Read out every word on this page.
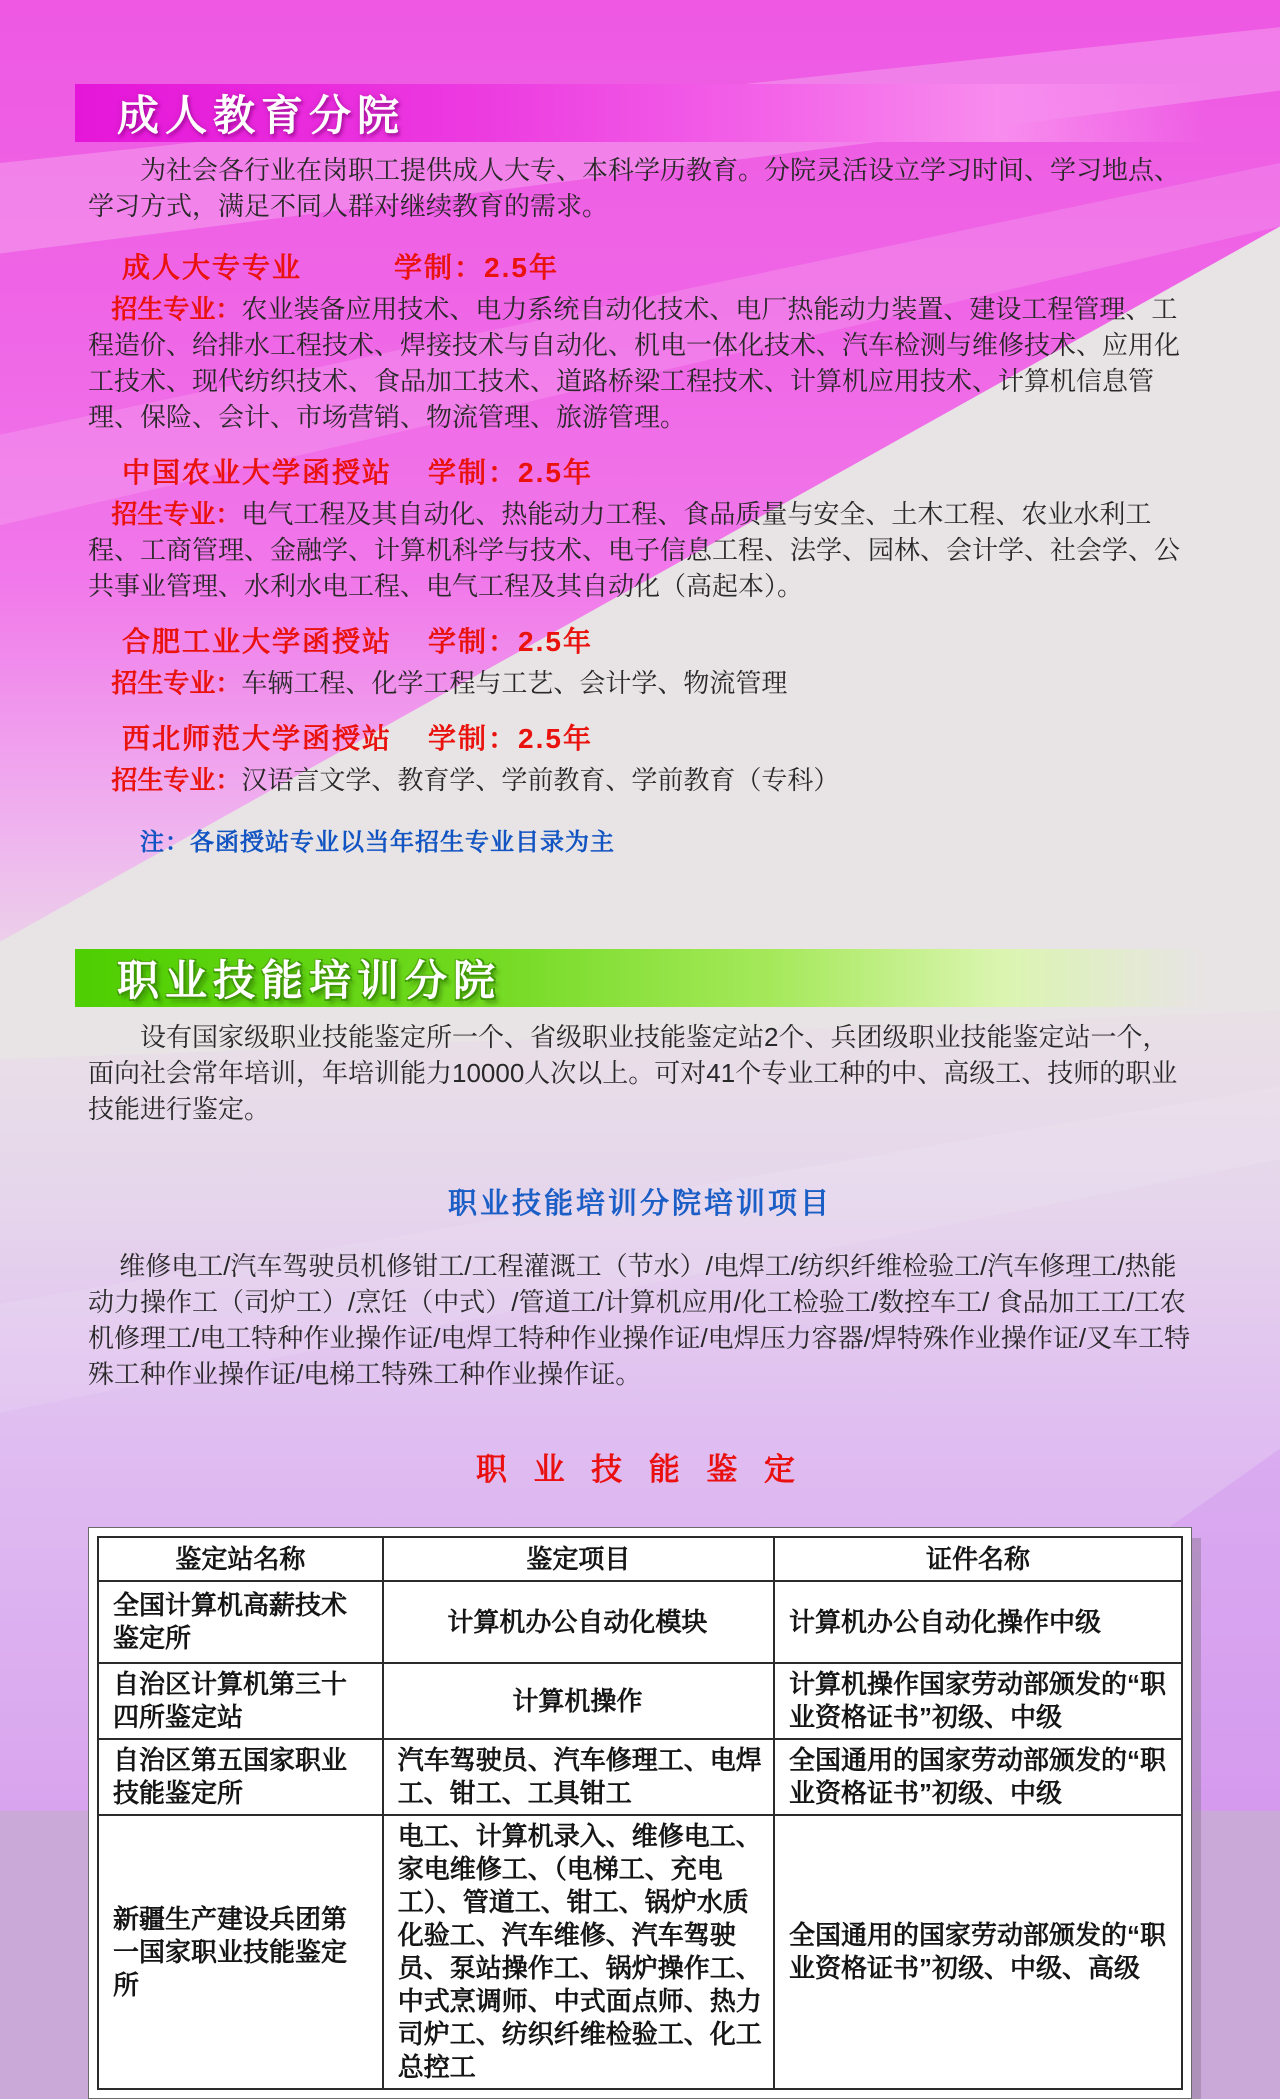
成人教育分院

为社会各行业在岗职工提供成人大专、本科学历教育。分院灵活设立学习时间、学习地点、学习方式，满足不同人群对继续教育的需求。

成人大专专业	学制：2.5年

招生专业：农业装备应用技术、电力系统自动化技术、电厂热能动力装置、建设工程管理、工程造价、给排水工程技术、焊接技术与自动化、机电一体化技术、汽车检测与维修技术、应用化工技术、现代纺织技术、食品加工技术、道路桥梁工程技术、计算机应用技术、计算机信息管理、保险、会计、市场营销、物流管理、旅游管理。

中国农业大学函授站 学制：2.5年

招生专业：电气工程及其自动化、热能动力工程、食品质量与安全、土木工程、农业水利工程、工商管理、金融学、计算机科学与技术、电子信息工程、法学、园林、会计学、社会学、公共事业管理、水利水电工程、电气工程及其自动化（高起本）。

合肥工业大学函授站 学制：2.5年

招生专业：车辆工程、化学工程与工艺、会计学、物流管理

西北师范大学函授站 学制：2.5年

招生专业：汉语言文学、教育学、学前教育、学前教育（专科）

注：各函授站专业以当年招生专业目录为主

职业技能培训分院

设有国家级职业技能鉴定所一个、省级职业技能鉴定站2个、兵团级职业技能鉴定站一个，面向社会常年培训，年培训能力10000人次以上。可对41个专业工种的中、高级工、技师的职业技能进行鉴定。

职业技能培训分院培训项目

维修电工/汽车驾驶员机修钳工/工程灌溉工（节水）/电焊工/纺织纤维检验工/汽车修理工/热能动力操作工（司炉工）/烹饪（中式）/管道工/计算机应用/化工检验工/数控车工/ 食品加工工/工农机修理工/电工特种作业操作证/电焊工特种作业操作证/电焊压力容器/焊特殊作业操作证/叉车工特殊工种作业操作证/电梯工特殊工种作业操作证。

职 业 技 能 鉴 定
鉴定站名称	鉴定项目	证件名称
全国计算机高薪技术鉴定所	计算机办公自动化模块	计算机办公自动化操作中级
自治区计算机第三十四所鉴定站	计算机操作	计算机操作国家劳动部颁发的“职业资格证书”初级、中级
自治区第五国家职业技能鉴定所	汽车驾驶员、汽车修理工、电焊工、钳工、工具钳工	全国通用的国家劳动部颁发的“职业资格证书”初级、中级
新疆生产建设兵团第一国家职业技能鉴定所	电工、计算机录入、维修电工、家电维修工、（电梯工、充电工）、管道工、钳工、锅炉水质化验工、汽车维修、汽车驾驶员、泵站操作工、锅炉操作工、中式烹调师、中式面点师、热力司炉工、纺织纤维检验工、化工总控工	全国通用的国家劳动部颁发的“职业资格证书”初级、中级、高级
